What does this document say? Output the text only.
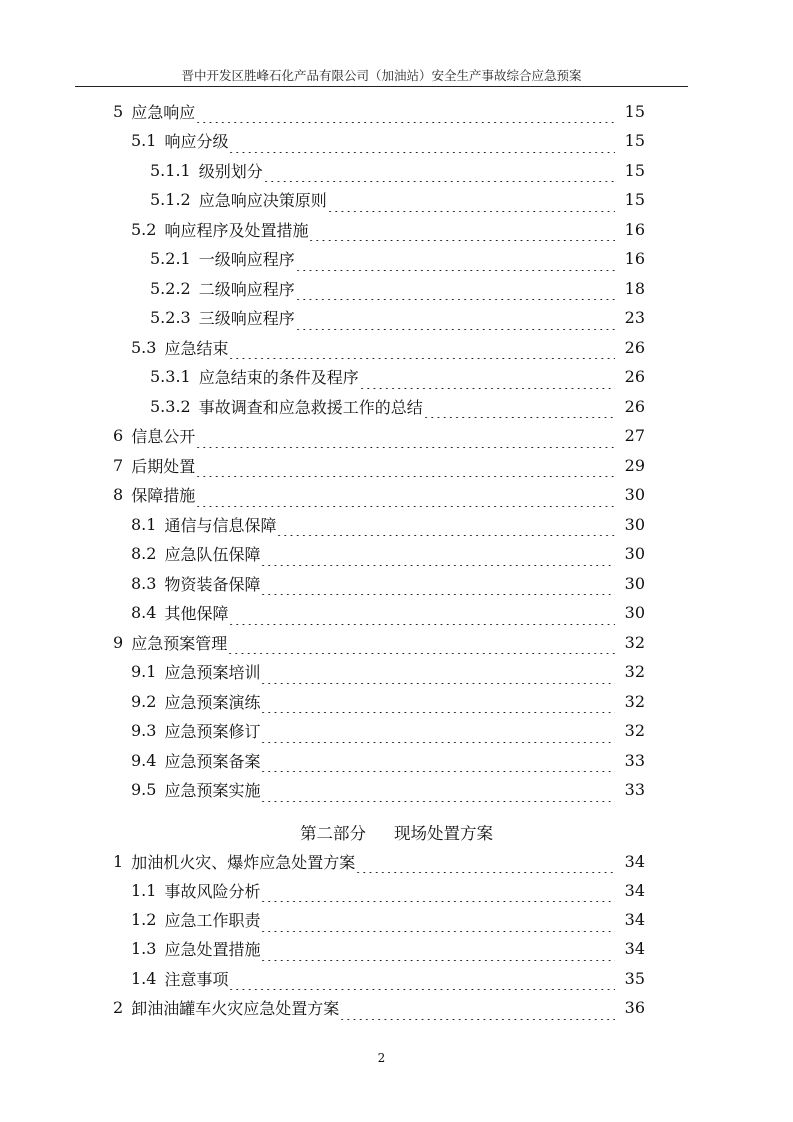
晋中开发区胜峰石化产品有限公司（加油站）安全生产事故综合应急预案
5 应急响应	15
5.1 响应分级	15
5.1.1 级别划分	15
5.1.2 应急响应决策原则	15
5.2 响应程序及处置措施	16
5.2.1 一级响应程序	16
5.2.2 二级响应程序	18
5.2.3 三级响应程序	23
5.3 应急结束	26
5.3.1 应急结束的条件及程序	26
5.3.2 事故调查和应急救援工作的总结	26
6 信息公开	27
7 后期处置	29
8 保障措施	30
8.1 通信与信息保障	30
8.2 应急队伍保障	30
8.3 物资装备保障	30
8.4 其他保障	30
9 应急预案管理	32
9.1 应急预案培训	32
9.2 应急预案演练	32
9.3 应急预案修订	32
9.4 应急预案备案	33
9.5 应急预案实施	33
1 加油机火灾、爆炸应急处置方案	34
1.1 事故风险分析	34
1.2 应急工作职责	34
1.3 应急处置措施	34
1.4 注意事项	35
2 卸油油罐车火灾应急处置方案	36
第二部分 现场处置方案
2
